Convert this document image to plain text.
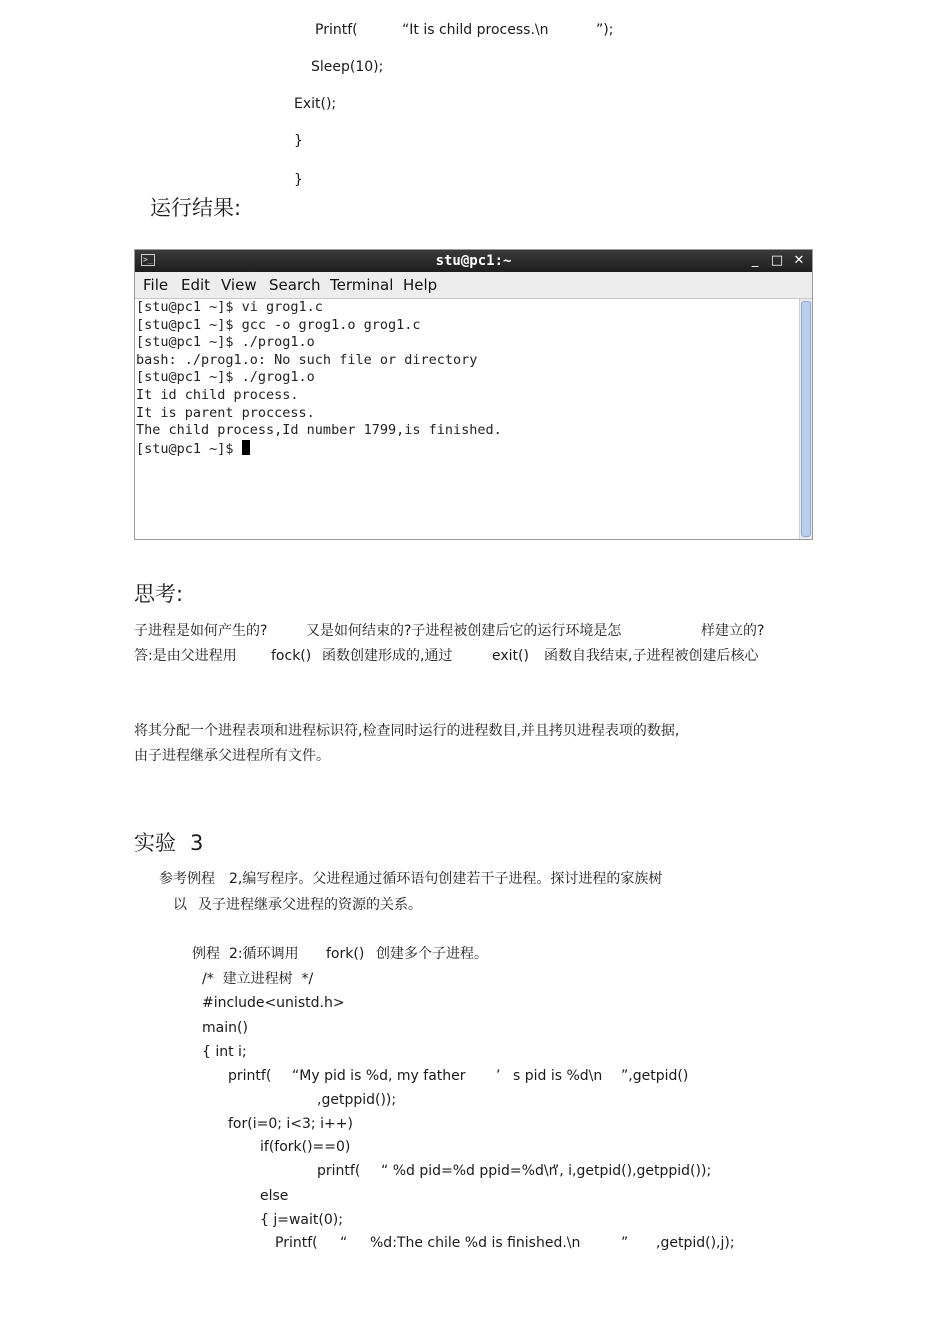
Printf(	“It is child process.\n	”);
Sleep(10);
Exit();
}
}
运行结果:
>_	stu@pc1:~	_ □ ✕
File Edit View Search Terminal Help
[stu@pc1 ~]$ vi grog1.c
[stu@pc1 ~]$ gcc -o grog1.o grog1.c
[stu@pc1 ~]$ ./prog1.o
bash: ./prog1.o: No such file or directory
[stu@pc1 ~]$ ./grog1.o
It id child process.
It is parent proccess.
The child process,Id number 1799,is finished.
[stu@pc1 ~]$
思考:
子进程是如何产生的?	又是如何结束的?子进程被创建后它的运行环境是怎	样建立的?
答:是由父进程用 fock() 函数创建形成的,通过	exit() 函数自我结束,子进程被创建后核心
将其分配一个进程表项和进程标识符,检查同时运行的进程数目,并且拷贝进程表项的数据,
由子进程继承父进程所有文件。
实验 3
参考例程 2,编写程序。父进程通过循环语句创建若干子进程。探讨进程的家族树
以 及子进程继承父进程的资源的关系。
例程 2:循环调用 fork() 创建多个子进程。
/*  建立进程树  */
#include<unistd.h>
main()
{ int i;
printf( “My pid is %d, my father ’ s pid is %d\n ”,getpid()
,getppid());
for(i=0; i<3; i++)
if(fork()==0)
printf( “ %d pid=%d ppid=%d\n
”, i,getpid(),getppid());
else
{ j=wait(0);
Printf( “ %d:The chile %d is finished.\n	” ,getpid(),j);
